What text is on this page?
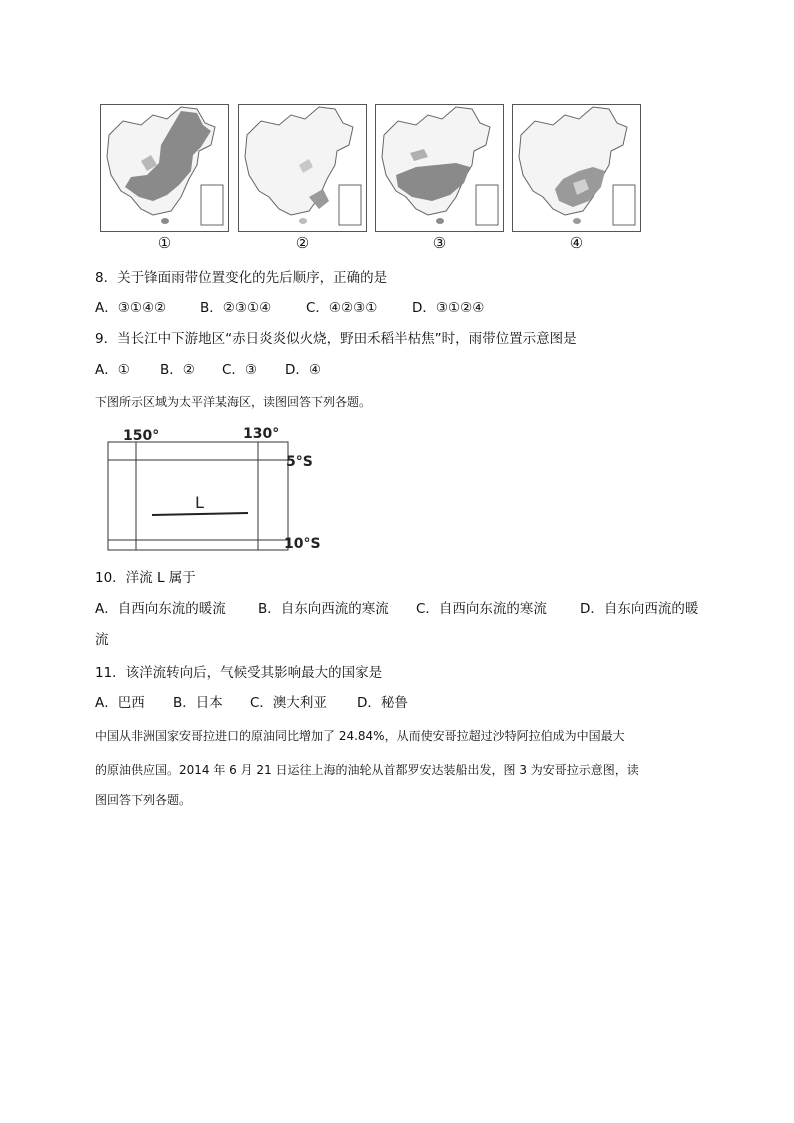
①	②	③	④
8．关于锋面雨带位置变化的先后顺序，正确的是
A．③①④②	B．②③①④	C．④②③①	D．③①②④
9．当长江中下游地区“赤日炎炎似火烧，野田禾稻半枯焦”时，雨带位置示意图是
A．① B．② C．③ D．④
下图所示区域为太平洋某海区，读图回答下列各题。
150°	130°
5°S
10°S
L
10．洋流 L 属于
A．自西向东流的暖流 B．自东向西流的寒流 C．自西向东流的寒流 D．自东向西流的暖
流
11．该洋流转向后，气候受其影响最大的国家是
A．巴西 B．日本 C．澳大利亚 D．秘鲁
中国从非洲国家安哥拉进口的原油同比增加了 24.84%，从而使安哥拉超过沙特阿拉伯成为中国最大
的原油供应国。2014 年 6 月 21 日运往上海的油轮从首都罗安达装船出发，图 3 为安哥拉示意图，读
图回答下列各题。
